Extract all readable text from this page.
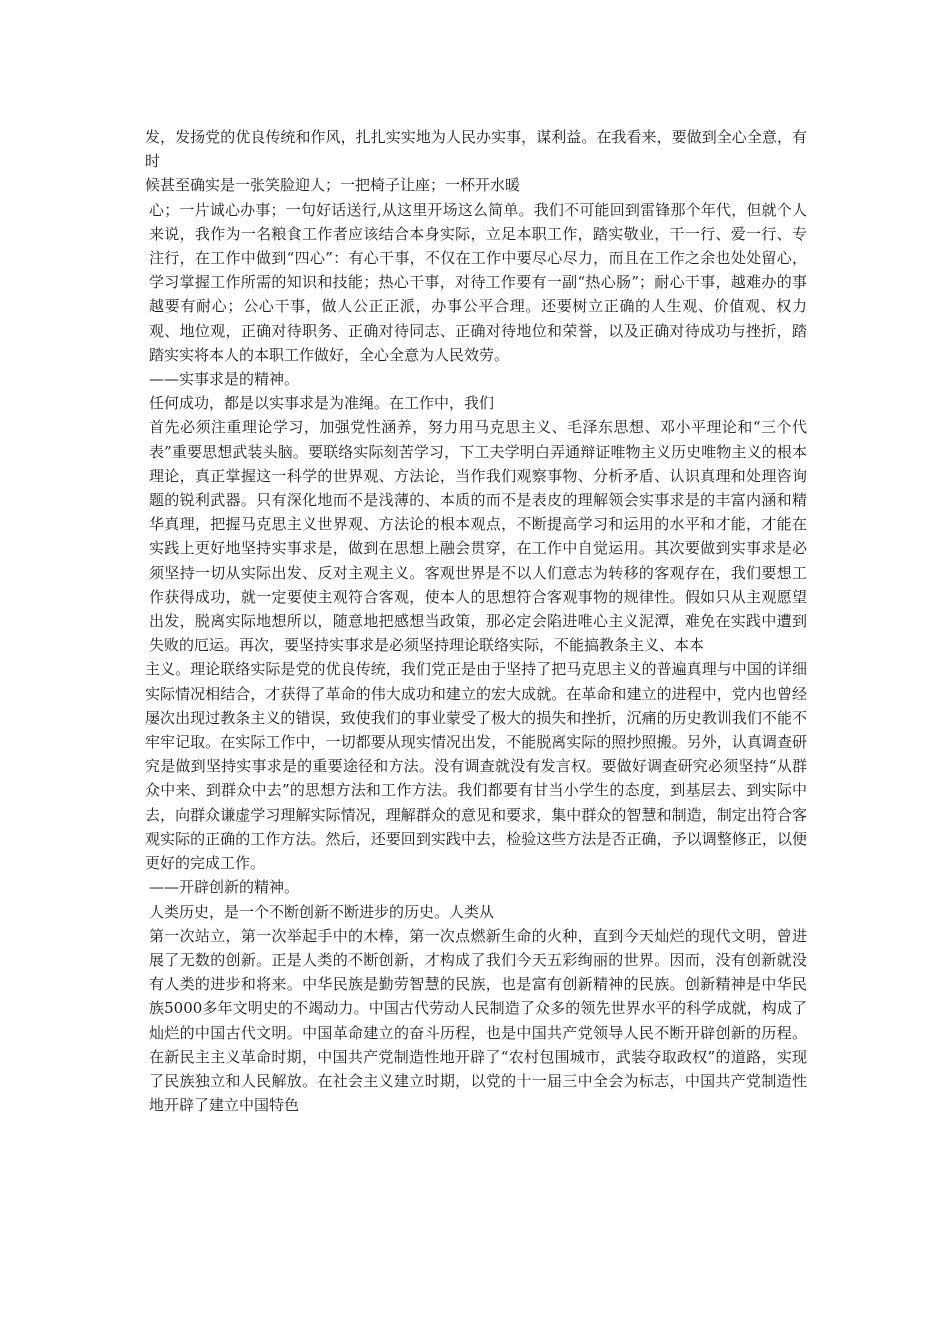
发，发扬党的优良传统和作风，扎扎实实地为人民办实事，谋利益。在我看来，要做到全心全意，有时

候甚至确实是一张笑脸迎人；一把椅子让座；一杯开水暖

心；一片诚心办事；一句好话送行,从这里开场这么简单。我们不可能回到雷锋那个年代，但就个人来说，我作为一名粮食工作者应该结合本身实际，立足本职工作，踏实敬业，干一行、爱一行、专注行，在工作中做到“四心”：有心干事，不仅在工作中要尽心尽力，而且在工作之余也处处留心，学习掌握工作所需的知识和技能；热心干事，对待工作要有一副“热心肠”；耐心干事，越难办的事越要有耐心；公心干事，做人公正正派，办事公平合理。还要树立正确的人生观、价值观、权力观、地位观，正确对待职务、正确对待同志、正确对待地位和荣誉，以及正确对待成功与挫折，踏踏实实将本人的本职工作做好，全心全意为人民效劳。

——实事求是的精神。

任何成功，都是以实事求是为准绳。在工作中，我们

首先必须注重理论学习，加强党性涵养，努力用马克思主义、毛泽东思想、邓小平理论和“三个代表”重要思想武装头脑。要联络实际刻苦学习，下工夫学明白弄通辩证唯物主义历史唯物主义的根本理论，真正掌握这一科学的世界观、方法论，当作我们观察事物、分析矛盾、认识真理和处理咨询题的锐利武器。只有深化地而不是浅薄的、本质的而不是表皮的理解领会实事求是的丰富内涵和精华真理，把握马克思主义世界观、方法论的根本观点，不断提高学习和运用的水平和才能，才能在实践上更好地坚持实事求是，做到在思想上融会贯穿，在工作中自觉运用。其次要做到实事求是必须坚持一切从实际出发、反对主观主义。客观世界是不以人们意志为转移的客观存在，我们要想工作获得成功，就一定要使主观符合客观，使本人的思想符合客观事物的规律性。假如只从主观愿望出发，脱离实际地想所以，随意地把感想当政策，那必定会陷进唯心主义泥潭，难免在实践中遭到失败的厄运。再次，要坚持实事求是必须坚持理论联络实际，不能搞教条主义、本本

主义。理论联络实际是党的优良传统，我们党正是由于坚持了把马克思主义的普遍真理与中国的详细实际情况相结合，才获得了革命的伟大成功和建立的宏大成就。在革命和建立的进程中，党内也曾经屡次出现过教条主义的错误，致使我们的事业蒙受了极大的损失和挫折，沉痛的历史教训我们不能不牢牢记取。在实际工作中，一切都要从现实情况出发，不能脱离实际的照抄照搬。另外，认真调查研究是做到坚持实事求是的重要途径和方法。没有调查就没有发言权。要做好调查研究必须坚持“从群众中来、到群众中去”的思想方法和工作方法。我们都要有甘当小学生的态度，到基层去、到实际中去，向群众谦虚学习理解实际情况，理解群众的意见和要求，集中群众的智慧和制造，制定出符合客观实际的正确的工作方法。然后，还要回到实践中去，检验这些方法是否正确，予以调整修正，以便更好的完成工作。

——开辟创新的精神。

人类历史，是一个不断创新不断进步的历史。人类从

第一次站立，第一次举起手中的木棒，第一次点燃新生命的火种，直到今天灿烂的现代文明，曾进展了无数的创新。正是人类的不断创新，才构成了我们今天五彩绚丽的世界。因而，没有创新就没有人类的进步和将来。中华民族是勤劳智慧的民族，也是富有创新精神的民族。创新精神是中华民族5000多年文明史的不竭动力。中国古代劳动人民制造了众多的领先世界水平的科学成就，构成了灿烂的中国古代文明。中国革命建立的奋斗历程，也是中国共产党领导人民不断开辟创新的历程。在新民主主义革命时期，中国共产党制造性地开辟了“农村包围城市，武装夺取政权”的道路，实现了民族独立和人民解放。在社会主义建立时期，以党的十一届三中全会为标志，中国共产党制造性地开辟了建立中国特色
